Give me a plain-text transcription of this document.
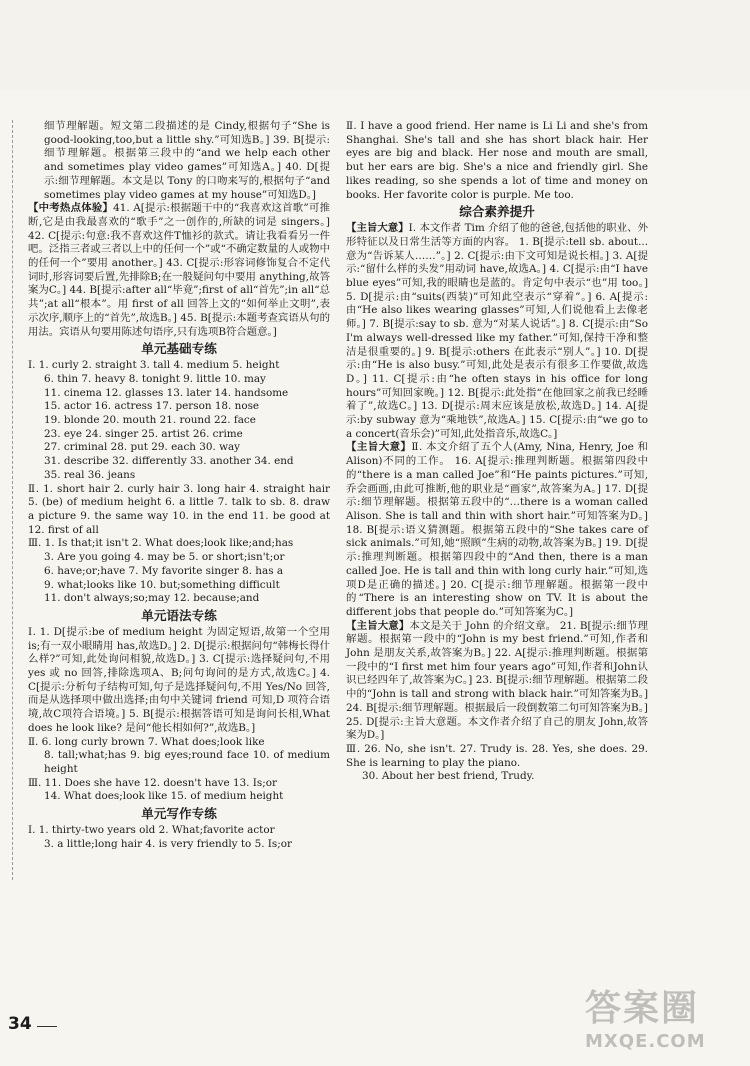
细节理解题。短文第二段描述的是 Cindy,根据句子“She is good-looking,too,but a little shy.”可知选B。] 39. B[提示:细节理解题。根据第三段中的“and we help each other and sometimes play video games”可知选A。] 40. D[提示:细节理解题。本文是以 Tony 的口吻来写的,根据句子“and sometimes play video games at my house”可知选D。]

【中考热点体验】41. A[提示:根据题干中的“我喜欢这首歌”可推断,它是由我最喜欢的“歌手”之一创作的,所缺的词是 singers。] 42. C[提示:句意:我不喜欢这件T恤衫的款式。请让我看看另一件吧。泛指三者或三者以上中的任何一个”或“不确定数量的人或物中的任何一个”要用 another。] 43. C[提示:形容词修饰复合不定代词时,形容词要后置,先排除B;在一般疑问句中要用 anything,故答案为C。] 44. B[提示:after all“毕竟”;first of all“首先”;in all“总共”;at all“根本”。用 first of all 回答上文的“如何举止文明”,表示次序,顺序上的“首先”,故选B。] 45. B[提示:本题考查宾语从句的用法。宾语从句要用陈述句语序,只有选项B符合题意。]

单元基础专练

Ⅰ. 1. curly 2. straight 3. tall 4. medium 5. height

6. thin 7. heavy 8. tonight 9. little 10. may

11. cinema 12. glasses 13. later 14. handsome

15. actor 16. actress 17. person 18. nose

19. blonde 20. mouth 21. round 22. face

23. eye 24. singer 25. artist 26. crime

27. criminal 28. put 29. each 30. way

31. describe 32. differently 33. another 34. end

35. real 36. jeans

Ⅱ. 1. short hair 2. curly hair 3. long hair 4. straight hair 5. (be) of medium height 6. a little 7. talk to sb. 8. draw a picture 9. the same way 10. in the end 11. be good at 12. first of all

Ⅲ. 1. Is that;it isn't 2. What does;look like;and;has

3. Are you going 4. may be 5. or short;isn't;or

6. have;or;have 7. My favorite singer 8. has a

9. what;looks like 10. but;something difficult

11. don't always;so;may 12. because;and

单元语法专练

Ⅰ. 1. D[提示:be of medium height 为固定短语,故第一个空用 is;有一双小眼睛用 has,故选D。] 2. D[提示:根据问句“韩梅长得什么样?”可知,此处询问相貌,故选D。] 3. C[提示:选择疑问句,不用 yes 或 no 回答,排除选项A、B;问句询问的是方式,故选C。] 4. C[提示:分析句子结构可知,句子是选择疑问句,不用 Yes/No 回答,而是从选择项中做出选择;由句中关键词 friend 可知,D 项符合语境,故C项符合语境。] 5. B[提示:根据答语可知是询问长相,What does he look like? 是问“他长相如何?”,故选B。]

Ⅱ. 6. long curly brown 7. What does;look like

8. tall;what;has 9. big eyes;round face 10. of medium height

Ⅲ. 11. Does she have 12. doesn't have 13. Is;or

14. What does;look like 15. of medium height

单元写作专练

Ⅰ. 1. thirty-two years old 2. What;favorite actor

3. a little;long hair 4. is very friendly to 5. Is;or

Ⅱ. I have a good friend. Her name is Li Li and she's from Shanghai. She's tall and she has short black hair. Her eyes are big and black. Her nose and mouth are small, but her ears are big. She's a nice and friendly girl. She likes reading, so she spends a lot of time and money on books. Her favorite color is purple. Me too.

综合素养提升

【主旨大意】Ⅰ. 本文作者 Tim 介绍了他的爸爸,包括他的职业、外形特征以及日常生活等方面的内容。 1. B[提示:tell sb. about...意为“告诉某人……”。] 2. C[提示:由下文可知是说长相。] 3. A[提示:“留什么样的头发”用动词 have,故选A。] 4. C[提示:由“I have blue eyes”可知,我的眼睛也是蓝的。肯定句中表示“也”用 too。] 5. D[提示:由“suits(西装)”可知此空表示“穿着”。] 6. A[提示:由“He also likes wearing glasses”可知,人们说他看上去像老师。] 7. B[提示:say to sb. 意为“对某人说话”。] 8. C[提示:由“So I'm always well-dressed like my father.”可知,保持干净和整洁是很重要的。] 9. B[提示:others 在此表示“别人”。] 10. D[提示:由“He is also busy.”可知,此处是表示有很多工作要做,故选D。] 11. C[提示:由“he often stays in his office for long hours”可知回家晚。] 12. B[提示:此处指“在他回家之前我已经睡着了”,故选C。] 13. D[提示:周末应该是放松,故选D。] 14. A[提示:by subway 意为“乘地铁”,故选A。] 15. C[提示:由“we go to a concert(音乐会)”可知,此处指音乐,故选C。]

【主旨大意】Ⅱ. 本文介绍了五个人(Amy, Nina, Henry, Joe 和 Alison)不同的工作。 16. A[提示:推理判断题。根据第四段中的“there is a man called Joe”和“He paints pictures.”可知,乔会画画,由此可推断,他的职业是“画家”,故答案为A。] 17. D[提示:细节理解题。根据第五段中的“…there is a woman called Alison. She is tall and thin with short hair.”可知答案为D。] 18. B[提示:语义猜测题。根据第五段中的“She takes care of sick animals.”可知,她“照顾”生病的动物,故答案为B。] 19. D[提示:推理判断题。根据第四段中的“And then, there is a man called Joe. He is tall and thin with long curly hair.”可知,选项D是正确的描述。] 20. C[提示:细节理解题。根据第一段中的“There is an interesting show on TV. It is about the different jobs that people do.”可知答案为C。]

【主旨大意】本文是关于 John 的介绍文章。 21. B[提示:细节理解题。根据第一段中的“John is my best friend.”可知,作者和 John 是朋友关系,故答案为B。] 22. A[提示:推理判断题。根据第一段中的“I first met him four years ago”可知,作者和John认识已经四年了,故答案为C。] 23. B[提示:细节理解题。根据第二段中的“John is tall and strong with black hair.”可知答案为B。] 24. B[提示:细节理解题。根据最后一段倒数第二句可知答案为B。] 25. D[提示:主旨大意题。本文作者介绍了自己的朋友 John,故答案为D。]

Ⅲ. 26. No, she isn't. 27. Trudy is. 28. Yes, she does. 29. She is learning to play the piano.

30. About her best friend, Trudy.

34	答案圈
MXQE.COM
